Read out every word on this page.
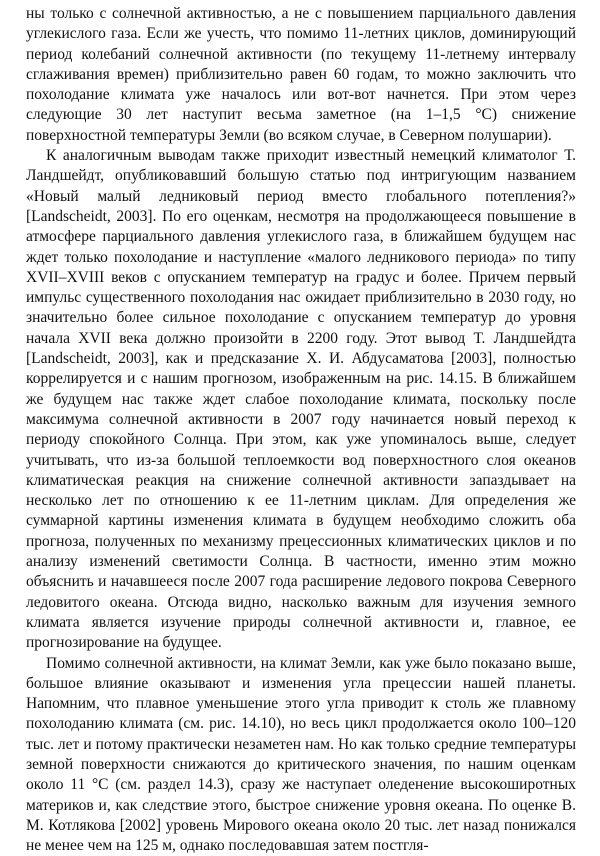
ны только с солнечной активностью, а не с повышением парциального давления углекислого газа. Если же учесть, что помимо 11-летних циклов, доминирующий период колебаний солнечной активности (по текущему 11-летнему интервалу сглаживания времен) приблизительно равен 60 годам, то можно заключить что похолодание климата уже началось или вот-вот начнется. При этом через следующие 30 лет наступит весьма заметное (на 1–1,5 °С) снижение поверхностной температуры Земли (во всяком случае, в Северном полушарии).

К аналогичным выводам также приходит известный немецкий климатолог Т. Ландшейдт, опубликовавший большую статью под интригующим названием «Новый малый ледниковый период вместо глобального потепления?» [Landscheidt, 2003]. По его оценкам, несмотря на продолжающееся повышение в атмосфере парциального давления углекислого газа, в ближайшем будущем нас ждет только похолодание и наступление «малого ледникового периода» по типу XVII–XVIII веков с опусканием температур на градус и более. Причем первый импульс существенного похолодания нас ожидает приблизительно в 2030 году, но значительно более сильное похолодание с опусканием температур до уровня начала XVII века должно произойти в 2200 году. Этот вывод Т. Ландшейдта [Landscheidt, 2003], как и предсказание Х. И. Абдусаматова [2003], полностью коррелируется и с нашим прогнозом, изображенным на рис. 14.15. В ближайшем же будущем нас также ждет слабое похолодание климата, поскольку после максимума солнечной активности в 2007 году начинается новый переход к периоду спокойного Солнца. При этом, как уже упоминалось выше, следует учитывать, что из-за большой теплоемкости вод поверхностного слоя океанов климатическая реакция на снижение солнечной активности запаздывает на несколько лет по отношению к ее 11-летним циклам. Для определения же суммарной картины изменения климата в будущем необходимо сложить оба прогноза, полученных по механизму прецессионных климатических циклов и по анализу изменений светимости Солнца. В частности, именно этим можно объяснить и начавшееся после 2007 года расширение ледового покрова Северного ледовитого океана. Отсюда видно, насколько важным для изучения земного климата является изучение природы солнечной активности и, главное, ее прогнозирование на будущее.

Помимо солнечной активности, на климат Земли, как уже было показано выше, большое влияние оказывают и изменения угла прецессии нашей планеты. Напомним, что плавное уменьшение этого угла приводит к столь же плавному похолоданию климата (см. рис. 14.10), но весь цикл продолжается около 100–120 тыс. лет и потому практически незаметен нам. Но как только средние температуры земной поверхности снижаются до критического значения, по нашим оценкам около 11 °С (см. раздел 14.3), сразу же наступает оледенение высокоширотных материков и, как следствие этого, быстрое снижение уровня океана. По оценке В. М. Котлякова [2002] уровень Мирового океана около 20 тыс. лет назад понижался не менее чем на 125 м, однако последовавшая затем постгля-
